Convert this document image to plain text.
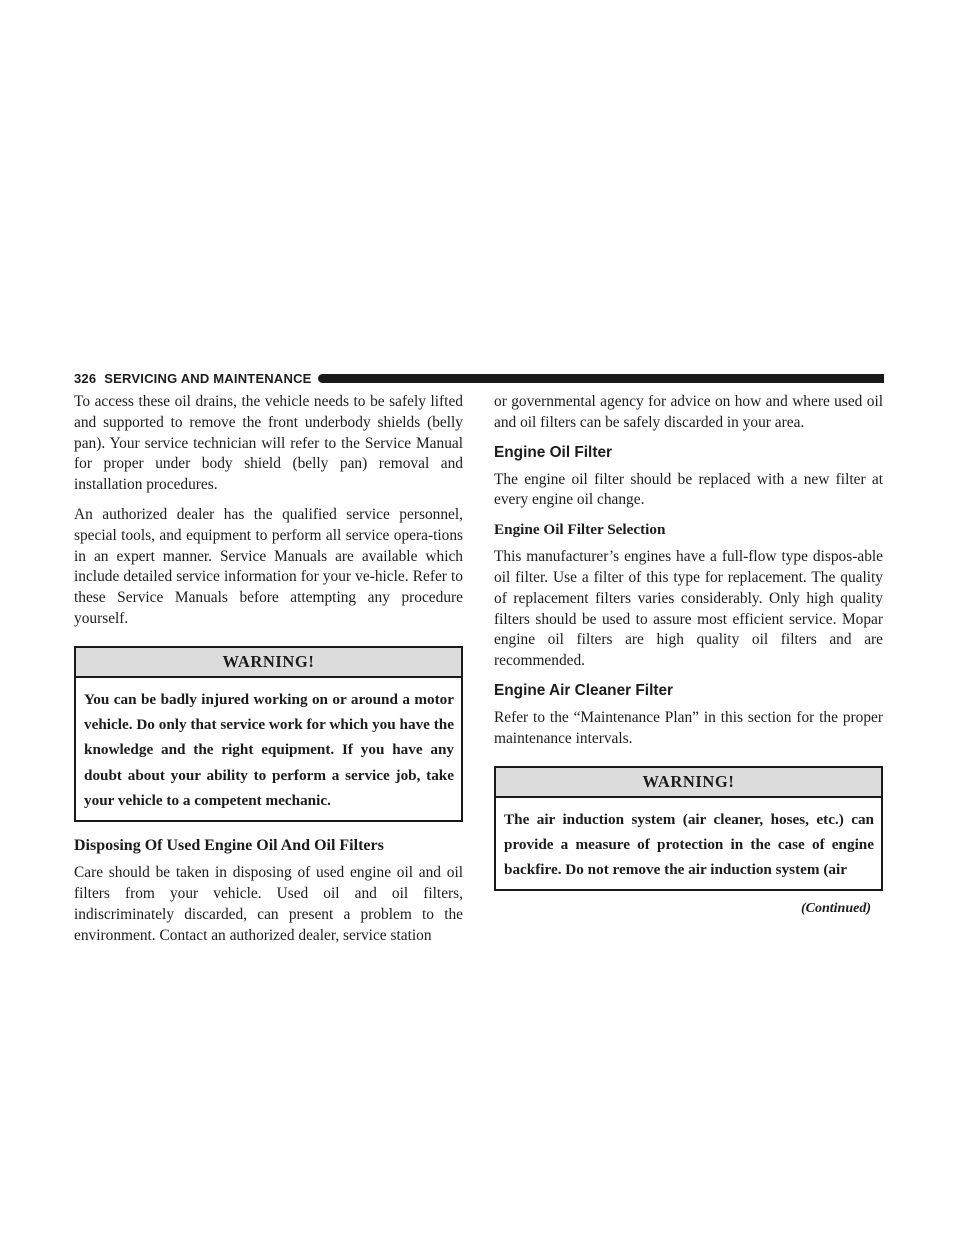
326 SERVICING AND MAINTENANCE

To access these oil drains, the vehicle needs to be safely lifted and supported to remove the front underbody shields (belly pan). Your service technician will refer to the Service Manual for proper under body shield (belly pan) removal and installation procedures.

An authorized dealer has the qualified service personnel, special tools, and equipment to perform all service opera-tions in an expert manner. Service Manuals are available which include detailed service information for your ve-hicle. Refer to these Service Manuals before attempting any procedure yourself.

WARNING!
You can be badly injured working on or around a motor vehicle. Do only that service work for which you have the knowledge and the right equipment. If you have any doubt about your ability to perform a service job, take your vehicle to a competent mechanic.
Disposing Of Used Engine Oil And Oil Filters

Care should be taken in disposing of used engine oil and oil filters from your vehicle. Used oil and oil filters, indiscriminately discarded, can present a problem to the environment. Contact an authorized dealer, service station

or governmental agency for advice on how and where used oil and oil filters can be safely discarded in your area.

Engine Oil Filter

The engine oil filter should be replaced with a new filter at every engine oil change.

Engine Oil Filter Selection

This manufacturer’s engines have a full-flow type dispos-able oil filter. Use a filter of this type for replacement. The quality of replacement filters varies considerably. Only high quality filters should be used to assure most efficient service. Mopar engine oil filters are high quality oil filters and are recommended.

Engine Air Cleaner Filter

Refer to the “Maintenance Plan” in this section for the proper maintenance intervals.

WARNING!
The air induction system (air cleaner, hoses, etc.) can provide a measure of protection in the case of engine backfire. Do not remove the air induction system (air
(Continued)
